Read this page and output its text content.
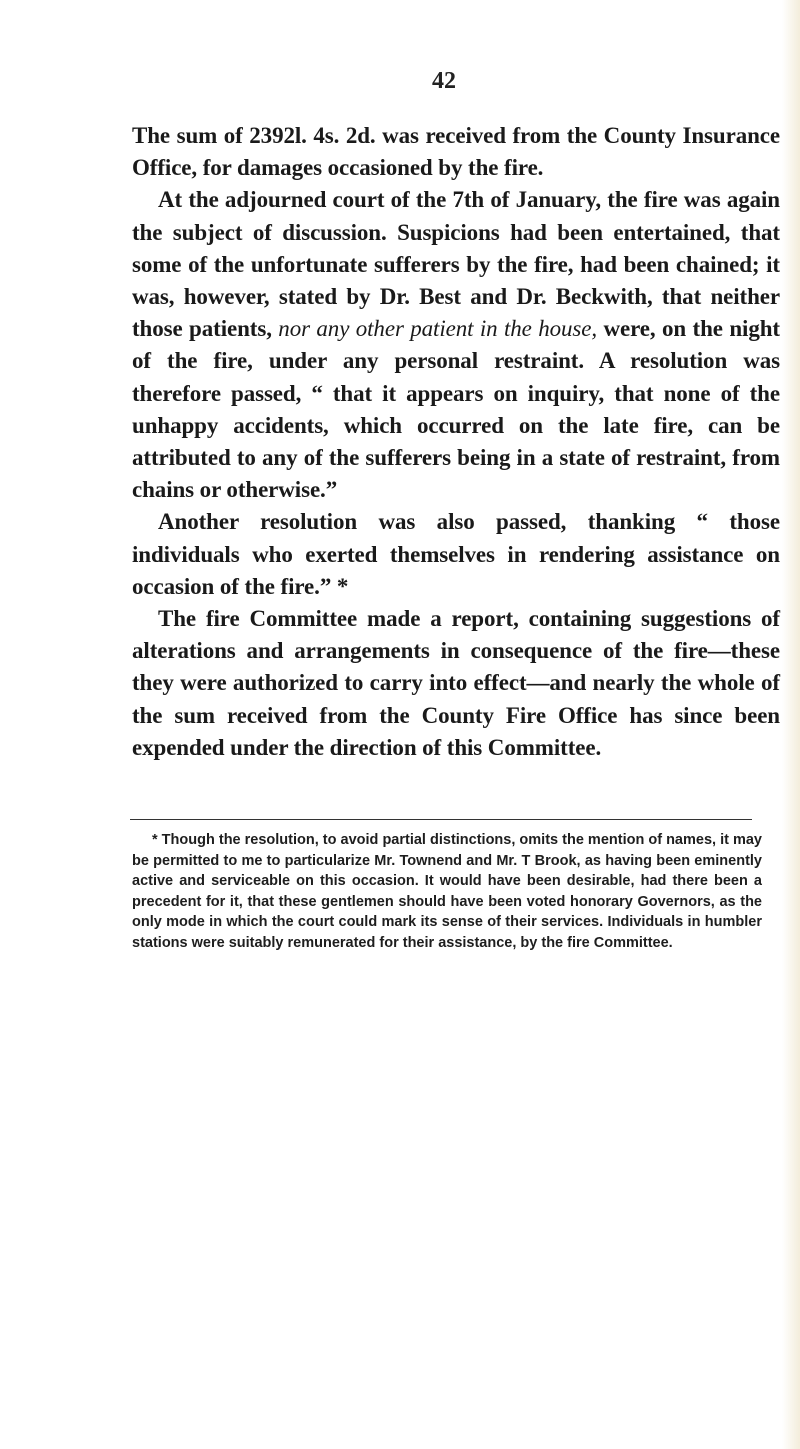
42

The sum of 2392l. 4s. 2d. was received from the County Insurance Office, for damages occasioned by the fire.

At the adjourned court of the 7th of January, the fire was again the subject of discussion. Suspicions had been entertained, that some of the unfortunate sufferers by the fire, had been chained; it was, however, stated by Dr. Best and Dr. Beckwith, that neither those patients, nor any other patient in the house, were, on the night of the fire, under any personal restraint. A resolution was therefore passed, “ that it appears on inquiry, that none of the unhappy accidents, which occurred on the late fire, can be attributed to any of the sufferers being in a state of restraint, from chains or otherwise.”

Another resolution was also passed, thanking “ those individuals who exerted themselves in rendering assistance on occasion of the fire.” *

The fire Committee made a report, containing suggestions of alterations and arrangements in consequence of the fire—these they were authorized to carry into effect—and nearly the whole of the sum received from the County Fire Office has since been expended under the direction of this Committee.

* Though the resolution, to avoid partial distinctions, omits the mention of names, it may be permitted to me to particularize Mr. Townend and Mr. T Brook, as having been eminently active and serviceable on this occasion. It would have been desirable, had there been a precedent for it, that these gentlemen should have been voted honorary Governors, as the only mode in which the court could mark its sense of their services. Individuals in humbler stations were suitably remunerated for their assistance, by the fire Committee.
